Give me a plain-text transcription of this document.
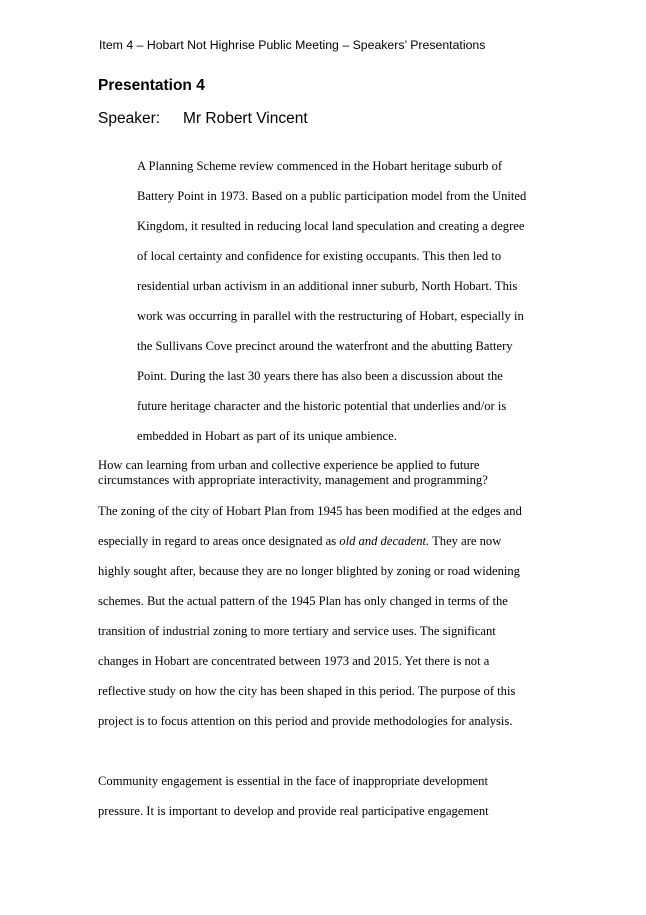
Item 4 – Hobart Not Highrise Public Meeting – Speakers’ Presentations
Presentation 4
Speaker: Mr Robert Vincent
A Planning Scheme review commenced in the Hobart heritage suburb of
Battery Point in 1973. Based on a public participation model from the United
Kingdom, it resulted in reducing local land speculation and creating a degree
of local certainty and confidence for existing occupants. This then led to
residential urban activism in an additional inner suburb, North Hobart. This
work was occurring in parallel with the restructuring of Hobart, especially in
the Sullivans Cove precinct around the waterfront and the abutting Battery
Point. During the last 30 years there has also been a discussion about the
future heritage character and the historic potential that underlies and/or is
embedded in Hobart as part of its unique ambience.
How can learning from urban and collective experience be applied to future
circumstances with appropriate interactivity, management and programming?
The zoning of the city of Hobart Plan from 1945 has been modified at the edges and
especially in regard to areas once designated as old and decadent. They are now
highly sought after, because they are no longer blighted by zoning or road widening
schemes. But the actual pattern of the 1945 Plan has only changed in terms of the
transition of industrial zoning to more tertiary and service uses. The significant
changes in Hobart are concentrated between 1973 and 2015. Yet there is not a
reflective study on how the city has been shaped in this period. The purpose of this
project is to focus attention on this period and provide methodologies for analysis.
Community engagement is essential in the face of inappropriate development
pressure. It is important to develop and provide real participative engagement
